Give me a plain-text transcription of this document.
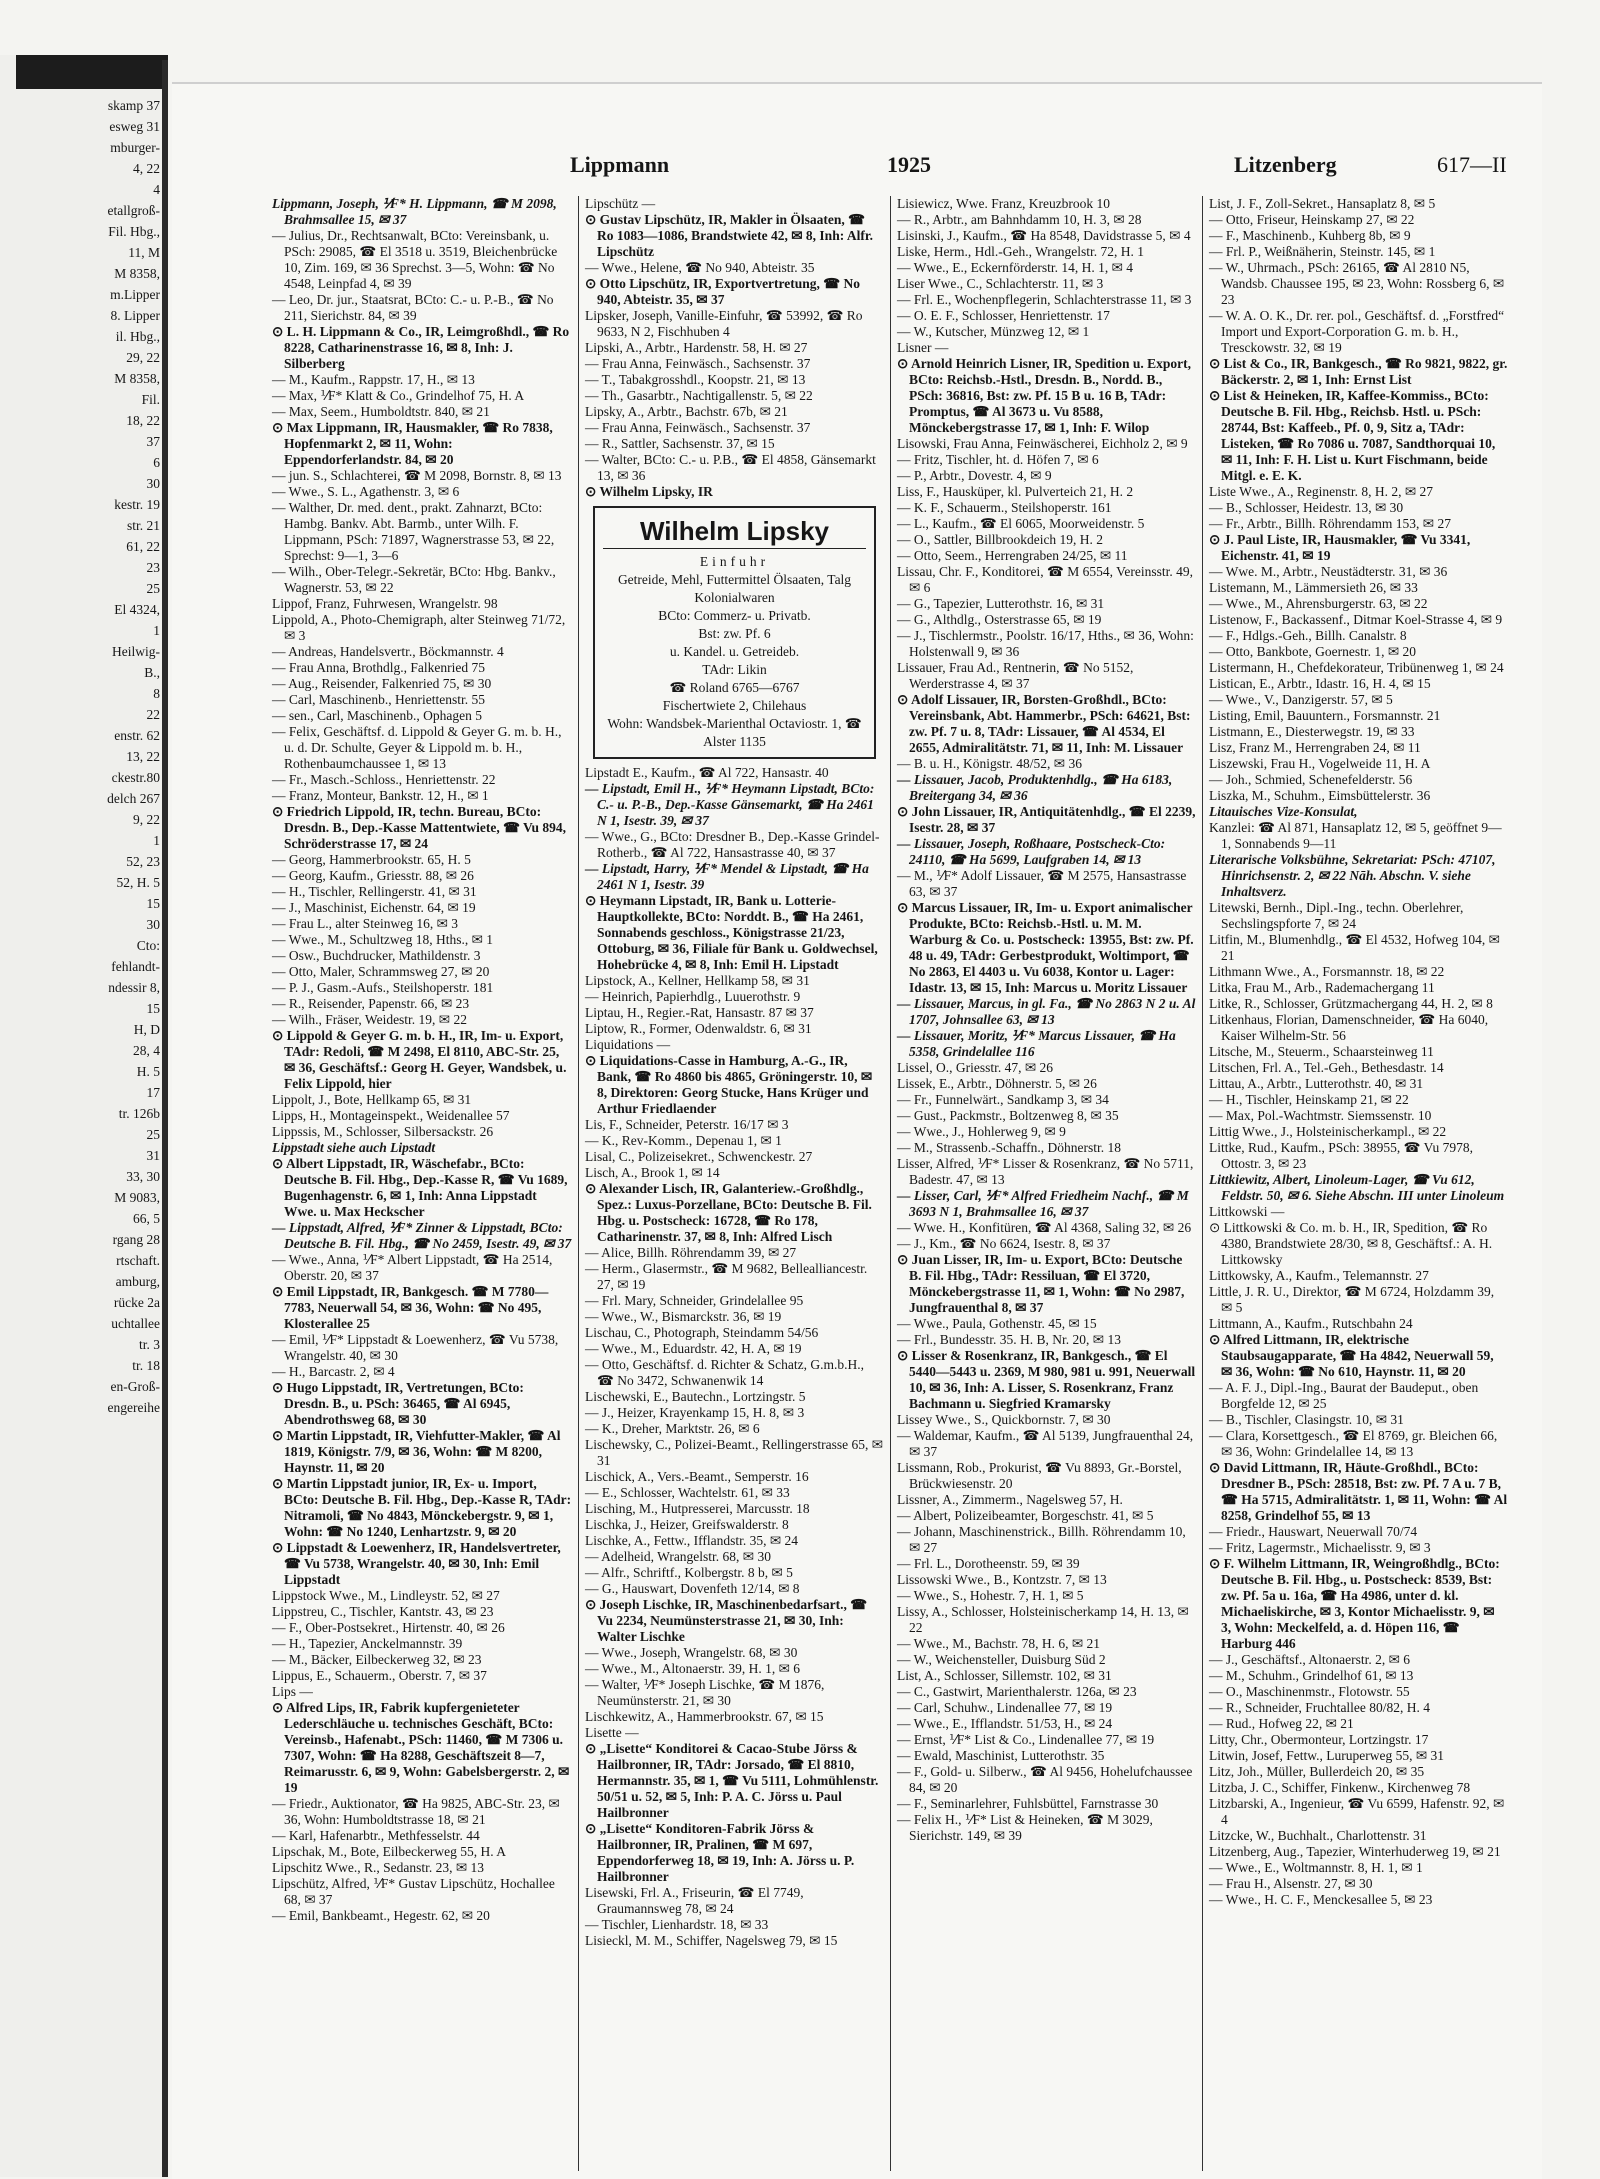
skamp 37
esweg 31
mburger-
4, 22
4
etallgroß-
Fil. Hbg.,
11, M
M 8358,
m.Lipper
8. Lipper
il. Hbg.,
29, 22
M 8358,
Fil.
18, 22
37
6
30
kestr. 19
str. 21
61, 22
23
25
El 4324,
1
Heilwig-
B.,
8
22
enstr. 62
13, 22
ckestr.80
delch 267
9, 22
1
52, 23
52, H. 5
15
30
Cto:
fehlandt-
ndessir 8,
15
H, D
28, 4
H. 5
17
tr. 126b
25
31
33, 30
M 9083,
66, 5
rgang 28
rtschaft.
amburg,
rücke 2a
uchtallee
tr. 3
tr. 18
en-Groß-
engereihe
Lippmann	1925	Litzenberg	617—II

Lippmann, Joseph, ⅟F* H. Lippmann, ☎ M 2098, Brahmsallee 15, ✉ 37

— Julius, Dr., Rechtsanwalt, BCto: Vereinsbank, u. PSch: 29085, ☎ El 3518 u. 3519, Bleichenbrücke 10, Zim. 169, ✉ 36 Sprechst. 3—5, Wohn: ☎ No 4548, Leinpfad 4, ✉ 39

— Leo, Dr. jur., Staatsrat, BCto: C.- u. P.-B., ☎ No 211, Sierichstr. 84, ✉ 39

⊙ L. H. Lippmann & Co., IR, Leimgroßhdl., ☎ Ro 8228, Catharinenstrasse 16, ✉ 8, Inh: J. Silberberg

— M., Kaufm., Rappstr. 17, H., ✉ 13

— Max, ⅟F* Klatt & Co., Grindelhof 75, H. A

— Max, Seem., Humboldtstr. 840, ✉ 21

⊙ Max Lippmann, IR, Hausmakler, ☎ Ro 7838, Hopfenmarkt 2, ✉ 11, Wohn: Eppendorferlandstr. 84, ✉ 20

— jun. S., Schlachterei, ☎ M 2098, Bornstr. 8, ✉ 13

— Wwe., S. L., Agathenstr. 3, ✉ 6

— Walther, Dr. med. dent., prakt. Zahnarzt, BCto: Hambg. Bankv. Abt. Barmb., unter Wilh. F. Lippmann, PSch: 71897, Wagnerstrasse 53, ✉ 22, Sprechst: 9—1, 3—6

— Wilh., Ober-Telegr.-Sekretär, BCto: Hbg. Bankv., Wagnerstr. 53, ✉ 22

Lippof, Franz, Fuhrwesen, Wrangelstr. 98

Lippold, A., Photo-Chemigraph, alter Steinweg 71/72, ✉ 3

— Andreas, Handelsvertr., Böckmannstr. 4

— Frau Anna, Brothdlg., Falkenried 75

— Aug., Reisender, Falkenried 75, ✉ 30

— Carl, Maschinenb., Henriettenstr. 55

— sen., Carl, Maschinenb., Ophagen 5

— Felix, Geschäftsf. d. Lippold & Geyer G. m. b. H., u. d. Dr. Schulte, Geyer & Lippold m. b. H., Rothenbaumchaussee 1, ✉ 13

— Fr., Masch.-Schloss., Henriettenstr. 22

— Franz, Monteur, Bankstr. 12, H., ✉ 1

⊙ Friedrich Lippold, IR, techn. Bureau, BCto: Dresdn. B., Dep.-Kasse Mattentwiete, ☎ Vu 894, Schröderstrasse 17, ✉ 24

— Georg, Hammerbrookstr. 65, H. 5

— Georg, Kaufm., Griesstr. 88, ✉ 26

— H., Tischler, Rellingerstr. 41, ✉ 31

— J., Maschinist, Eichenstr. 64, ✉ 19

— Frau L., alter Steinweg 16, ✉ 3

— Wwe., M., Schultzweg 18, Hths., ✉ 1

— Osw., Buchdrucker, Mathildenstr. 3

— Otto, Maler, Schrammsweg 27, ✉ 20

— P. J., Gasm.-Aufs., Steilshoperstr. 181

— R., Reisender, Papenstr. 66, ✉ 23

— Wilh., Fräser, Weidestr. 19, ✉ 22

⊙ Lippold & Geyer G. m. b. H., IR, Im- u. Export, TAdr: Redoli, ☎ M 2498, El 8110, ABC-Str. 25, ✉ 36, Geschäftsf.: Georg H. Geyer, Wandsbek, u. Felix Lippold, hier

Lippolt, J., Bote, Hellkamp 65, ✉ 31

Lipps, H., Montageinspekt., Weidenallee 57

Lippssis, M., Schlosser, Silbersackstr. 26

Lippstadt siehe auch Lipstadt

⊙ Albert Lippstadt, IR, Wäschefabr., BCto: Deutsche B. Fil. Hbg., Dep.-Kasse R, ☎ Vu 1689, Bugenhagenstr. 6, ✉ 1, Inh: Anna Lippstadt Wwe. u. Max Heckscher

— Lippstadt, Alfred, ⅟F* Zinner & Lippstadt, BCto: Deutsche B. Fil. Hbg., ☎ No 2459, Isestr. 49, ✉ 37

— Wwe., Anna, ⅟F* Albert Lippstadt, ☎ Ha 2514, Oberstr. 20, ✉ 37

⊙ Emil Lippstadt, IR, Bankgesch. ☎ M 7780—7783, Neuerwall 54, ✉ 36, Wohn: ☎ No 495, Klosterallee 25

— Emil, ⅟F* Lippstadt & Loewenherz, ☎ Vu 5738, Wrangelstr. 40, ✉ 30

— H., Barcastr. 2, ✉ 4

⊙ Hugo Lippstadt, IR, Vertretungen, BCto: Dresdn. B., u. PSch: 36465, ☎ Al 6945, Abendrothsweg 68, ✉ 30

⊙ Martin Lippstadt, IR, Viehfutter-Makler, ☎ Al 1819, Königstr. 7/9, ✉ 36, Wohn: ☎ M 8200, Haynstr. 11, ✉ 20

⊙ Martin Lippstadt junior, IR, Ex- u. Import, BCto: Deutsche B. Fil. Hbg., Dep.-Kasse R, TAdr: Nitramoli, ☎ No 4843, Mönckebergstr. 9, ✉ 1, Wohn: ☎ No 1240, Lenhartzstr. 9, ✉ 20

⊙ Lippstadt & Loewenherz, IR, Handelsvertreter, ☎ Vu 5738, Wrangelstr. 40, ✉ 30, Inh: Emil Lippstadt

Lippstock Wwe., M., Lindleystr. 52, ✉ 27

Lippstreu, C., Tischler, Kantstr. 43, ✉ 23

— F., Ober-Postsekret., Hirtenstr. 40, ✉ 26

— H., Tapezier, Anckelmannstr. 39

— M., Bäcker, Eilbeckerweg 32, ✉ 23

Lippus, E., Schauerm., Oberstr. 7, ✉ 37

Lips —

⊙ Alfred Lips, IR, Fabrik kupfergenieteter Lederschläuche u. technisches Geschäft, BCto: Vereinsb., Hafenabt., PSch: 11460, ☎ M 7306 u. 7307, Wohn: ☎ Ha 8288, Geschäftszeit 8—7, Reimarusstr. 6, ✉ 9, Wohn: Gabelsbergerstr. 2, ✉ 19

— Friedr., Auktionator, ☎ Ha 9825, ABC-Str. 23, ✉ 36, Wohn: Humboldtstrasse 18, ✉ 21

— Karl, Hafenarbtr., Methfesselstr. 44

Lipschak, M., Bote, Eilbeckerweg 55, H. A

Lipschitz Wwe., R., Sedanstr. 23, ✉ 13

Lipschütz, Alfred, ⅟F* Gustav Lipschütz, Hochallee 68, ✉ 37

— Emil, Bankbeamt., Hegestr. 62, ✉ 20

Lipschütz —

⊙ Gustav Lipschütz, IR, Makler in Ölsaaten, ☎ Ro 1083—1086, Brandstwiete 42, ✉ 8, Inh: Alfr. Lipschütz

— Wwe., Helene, ☎ No 940, Abteistr. 35

⊙ Otto Lipschütz, IR, Exportvertretung, ☎ No 940, Abteistr. 35, ✉ 37

Lipsker, Joseph, Vanille-Einfuhr, ☎ 53992, ☎ Ro 9633, N 2, Fischhuben 4

Lipski, A., Arbtr., Hardenstr. 58, H. ✉ 27

— Frau Anna, Feinwäsch., Sachsenstr. 37

— T., Tabakgrosshdl., Koopstr. 21, ✉ 13

— Th., Gasarbtr., Nachtigallenstr. 5, ✉ 22

Lipsky, A., Arbtr., Bachstr. 67b, ✉ 21

— Frau Anna, Feinwäsch., Sachsenstr. 37

— R., Sattler, Sachsenstr. 37, ✉ 15

— Walter, BCto: C.- u. P.B., ☎ El 4858, Gänsemarkt 13, ✉ 36

⊙ Wilhelm Lipsky, IR

Wilhelm Lipsky
Einfuhr
Getreide, Mehl, Futtermittel Ölsaaten, Talg Kolonialwaren
BCto: Commerz- u. Privatb.
Bst: zw. Pf. 6
u. Kandel. u. Getreideb.
TAdr: Likin
☎ Roland 6765—6767
Fischertwiete 2, Chilehaus
Wohn: Wandsbek-Marienthal Octaviostr. 1, ☎ Alster 1135

Lipstadt E., Kaufm., ☎ Al 722, Hansastr. 40

— Lipstadt, Emil H., ⅟F* Heymann Lipstadt, BCto: C.- u. P.-B., Dep.-Kasse Gänsemarkt, ☎ Ha 2461 N 1, Isestr. 39, ✉ 37

— Wwe., G., BCto: Dresdner B., Dep.-Kasse Grindel-Rotherb., ☎ Al 722, Hansastrasse 40, ✉ 37

— Lipstadt, Harry, ⅟F* Mendel & Lipstadt, ☎ Ha 2461 N 1, Isestr. 39

⊙ Heymann Lipstadt, IR, Bank u. Lotterie-Hauptkollekte, BCto: Norddt. B., ☎ Ha 2461, Sonnabends geschloss., Königstrasse 21/23, Ottoburg, ✉ 36, Filiale für Bank u. Goldwechsel, Hohebrücke 4, ✉ 8, Inh: Emil H. Lipstadt

Lipstock, A., Kellner, Hellkamp 58, ✉ 31

— Heinrich, Papierhdlg., Luuerothstr. 9

Liptau, H., Regier.-Rat, Hansastr. 87 ✉ 37

Liptow, R., Former, Odenwaldstr. 6, ✉ 31

Liquidations —

⊙ Liquidations-Casse in Hamburg, A.-G., IR, Bank, ☎ Ro 4860 bis 4865, Gröningerstr. 10, ✉ 8, Direktoren: Georg Stucke, Hans Krüger und Arthur Friedlaender

Lis, F., Schneider, Peterstr. 16/17 ✉ 3

— K., Rev-Komm., Depenau 1, ✉ 1

Lisal, C., Polizeisekret., Schwenckestr. 27

Lisch, A., Brook 1, ✉ 14

⊙ Alexander Lisch, IR, Galanteriew.-Großhdlg., Spez.: Luxus-Porzellane, BCto: Deutsche B. Fil. Hbg. u. Postscheck: 16728, ☎ Ro 178, Catharinenstr. 37, ✉ 8, Inh: Alfred Lisch

— Alice, Billh. Röhrendamm 39, ✉ 27

— Herm., Glasermstr., ☎ M 9682, Bellealliancestr. 27, ✉ 19

— Frl. Mary, Schneider, Grindelallee 95

— Wwe., W., Bismarckstr. 36, ✉ 19

Lischau, C., Photograph, Steindamm 54/56

— Wwe., M., Eduardstr. 42, H. A, ✉ 19

— Otto, Geschäftsf. d. Richter & Schatz, G.m.b.H., ☎ No 3472, Schwanenwik 14

Lischewski, E., Bautechn., Lortzingstr. 5

— J., Heizer, Krayenkamp 15, H. 8, ✉ 3

— K., Dreher, Marktstr. 26, ✉ 6

Lischewsky, C., Polizei-Beamt., Rellingerstrasse 65, ✉ 31

Lischick, A., Vers.-Beamt., Semperstr. 16

— E., Schlosser, Wachtelstr. 61, ✉ 33

Lisching, M., Hutpresserei, Marcusstr. 18

Lischka, J., Heizer, Greifswalderstr. 8

Lischke, A., Fettw., Ifflandstr. 35, ✉ 24

— Adelheid, Wrangelstr. 68, ✉ 30

— Alfr., Schriftf., Kolbergstr. 8 b, ✉ 5

— G., Hauswart, Dovenfeth 12/14, ✉ 8

⊙ Joseph Lischke, IR, Maschinenbedarfsart., ☎ Vu 2234, Neumünsterstrasse 21, ✉ 30, Inh: Walter Lischke

— Wwe., Joseph, Wrangelstr. 68, ✉ 30

— Wwe., M., Altonaerstr. 39, H. 1, ✉ 6

— Walter, ⅟F* Joseph Lischke, ☎ M 1876, Neumünsterstr. 21, ✉ 30

Lischkewitz, A., Hammerbrookstr. 67, ✉ 15

Lisette —

⊙ „Lisette“ Konditorei & Cacao-Stube Jörss & Hailbronner, IR, TAdr: Jorsado, ☎ El 8810, Hermannstr. 35, ✉ 1, ☎ Vu 5111, Lohmühlenstr. 50/51 u. 52, ✉ 5, Inh: P. A. C. Jörss u. Paul Hailbronner

⊙ „Lisette“ Konditoren-Fabrik Jörss & Hailbronner, IR, Pralinen, ☎ M 697, Eppendorferweg 18, ✉ 19, Inh: A. Jörss u. P. Hailbronner

Lisewski, Frl. A., Friseurin, ☎ El 7749, Graumannsweg 78, ✉ 24

— Tischler, Lienhardstr. 18, ✉ 33

Lisieckl, M. M., Schiffer, Nagelsweg 79, ✉ 15

Lisiewicz, Wwe. Franz, Kreuzbrook 10

— R., Arbtr., am Bahnhdamm 10, H. 3, ✉ 28

Lisinski, J., Kaufm., ☎ Ha 8548, Davidstrasse 5, ✉ 4

Liske, Herm., Hdl.-Geh., Wrangelstr. 72, H. 1

— Wwe., E., Eckernförderstr. 14, H. 1, ✉ 4

Liser Wwe., C., Schlachterstr. 11, ✉ 3

— Frl. E., Wochenpflegerin, Schlachterstrasse 11, ✉ 3

— O. E. F., Schlosser, Henriettenstr. 17

— W., Kutscher, Münzweg 12, ✉ 1

Lisner —

⊙ Arnold Heinrich Lisner, IR, Spedition u. Export, BCto: Reichsb.-Hstl., Dresdn. B., Nordd. B., PSch: 36816, Bst: zw. Pf. 15 B u. 16 B, TAdr: Promptus, ☎ Al 3673 u. Vu 8588, Mönckebergstrasse 17, ✉ 1, Inh: F. Wilop

Lisowski, Frau Anna, Feinwäscherei, Eichholz 2, ✉ 9

— Fritz, Tischler, ht. d. Höfen 7, ✉ 6

— P., Arbtr., Dovestr. 4, ✉ 9

Liss, F., Hausküper, kl. Pulverteich 21, H. 2

— K. F., Schauerm., Steilshoperstr. 161

— L., Kaufm., ☎ El 6065, Moorweidenstr. 5

— O., Sattler, Billbrookdeich 19, H. 2

— Otto, Seem., Herrengraben 24/25, ✉ 11

Lissau, Chr. F., Konditorei, ☎ M 6554, Vereinsstr. 49, ✉ 6

— G., Tapezier, Lutterothstr. 16, ✉ 31

— G., Althdlg., Osterstrasse 65, ✉ 19

— J., Tischlermstr., Poolstr. 16/17, Hths., ✉ 36, Wohn: Holstenwall 9, ✉ 36

Lissauer, Frau Ad., Rentnerin, ☎ No 5152, Werderstrasse 4, ✉ 37

⊙ Adolf Lissauer, IR, Borsten-Großhdl., BCto: Vereinsbank, Abt. Hammerbr., PSch: 64621, Bst: zw. Pf. 7 u. 8, TAdr: Lissauer, ☎ Al 4534, El 2655, Admiralitätstr. 71, ✉ 11, Inh: M. Lissauer

— B. u. H., Königstr. 48/52, ✉ 36

— Lissauer, Jacob, Produktenhdlg., ☎ Ha 6183, Breitergang 34, ✉ 36

⊙ John Lissauer, IR, Antiquitätenhdlg., ☎ El 2239, Isestr. 28, ✉ 37

— Lissauer, Joseph, Roßhaare, Postscheck-Cto: 24110, ☎ Ha 5699, Laufgraben 14, ✉ 13

— M., ⅟F* Adolf Lissauer, ☎ M 2575, Hansastrasse 63, ✉ 37

⊙ Marcus Lissauer, IR, Im- u. Export animalischer Produkte, BCto: Reichsb.-Hstl. u. M. M. Warburg & Co. u. Postscheck: 13955, Bst: zw. Pf. 48 u. 49, TAdr: Gerbestprodukt, Woltimport, ☎ No 2863, El 4403 u. Vu 6038, Kontor u. Lager: Idastr. 13, ✉ 15, Inh: Marcus u. Moritz Lissauer

— Lissauer, Marcus, in gl. Fa., ☎ No 2863 N 2 u. Al 1707, Johnsallee 63, ✉ 13

— Lissauer, Moritz, ⅟F* Marcus Lissauer, ☎ Ha 5358, Grindelallee 116

Lissel, O., Griesstr. 47, ✉ 26

Lissek, E., Arbtr., Döhnerstr. 5, ✉ 26

— Fr., Funnelwärt., Sandkamp 3, ✉ 34

— Gust., Packmstr., Boltzenweg 8, ✉ 35

— Wwe., J., Hohlerweg 9, ✉ 9

— M., Strassenb.-Schaffn., Döhnerstr. 18

Lisser, Alfred, ⅟F* Lisser & Rosenkranz, ☎ No 5711, Badestr. 47, ✉ 13

— Lisser, Carl, ⅟F* Alfred Friedheim Nachf., ☎ M 3693 N 1, Brahmsallee 16, ✉ 37

— Wwe. H., Konfitüren, ☎ Al 4368, Saling 32, ✉ 26

— J., Km., ☎ No 6624, Isestr. 8, ✉ 37

⊙ Juan Lisser, IR, Im- u. Export, BCto: Deutsche B. Fil. Hbg., TAdr: Ressiluan, ☎ El 3720, Mönckebergstrasse 11, ✉ 1, Wohn: ☎ No 2987, Jungfrauenthal 8, ✉ 37

— Wwe., Paula, Gothenstr. 45, ✉ 15

— Frl., Bundesstr. 35. H. B, Nr. 20, ✉ 13

⊙ Lisser & Rosenkranz, IR, Bankgesch., ☎ El 5440—5443 u. 2369, M 980, 981 u. 991, Neuerwall 10, ✉ 36, Inh: A. Lisser, S. Rosenkranz, Franz Bachmann u. Siegfried Kramarsky

Lissey Wwe., S., Quickbornstr. 7, ✉ 30

— Waldemar, Kaufm., ☎ Al 5139, Jungfrauenthal 24, ✉ 37

Lissmann, Rob., Prokurist, ☎ Vu 8893, Gr.-Borstel, Brückwiesenstr. 20

Lissner, A., Zimmerm., Nagelsweg 57, H.

— Albert, Polizeibeamter, Borgeschstr. 41, ✉ 5

— Johann, Maschinenstrick., Billh. Röhrendamm 10, ✉ 27

— Frl. L., Dorotheenstr. 59, ✉ 39

Lissowski Wwe., B., Kontzstr. 7, ✉ 13

— Wwe., S., Hohestr. 7, H. 1, ✉ 5

Lissy, A., Schlosser, Holsteinischerkamp 14, H. 13, ✉ 22

— Wwe., M., Bachstr. 78, H. 6, ✉ 21

— W., Weichensteller, Duisburg Süd 2

List, A., Schlosser, Sillemstr. 102, ✉ 31

— C., Gastwirt, Marienthalerstr. 126a, ✉ 23

— Carl, Schuhw., Lindenallee 77, ✉ 19

— Wwe., E., Ifflandstr. 51/53, H., ✉ 24

— Ernst, ⅟F* List & Co., Lindenallee 77, ✉ 19

— Ewald, Maschinist, Lutterothstr. 35

— F., Gold- u. Silberw., ☎ Al 9456, Hohelufchaussee 84, ✉ 20

— F., Seminarlehrer, Fuhlsbüttel, Farnstrasse 30

— Felix H., ⅟F* List & Heineken, ☎ M 3029, Sierichstr. 149, ✉ 39

List, J. F., Zoll-Sekret., Hansaplatz 8, ✉ 5

— Otto, Friseur, Heinskamp 27, ✉ 22

— F., Maschinenb., Kuhberg 8b, ✉ 9

— Frl. P., Weißnäherin, Steinstr. 145, ✉ 1

— W., Uhrmach., PSch: 26165, ☎ Al 2810 N5, Wandsb. Chaussee 195, ✉ 23, Wohn: Rossberg 6, ✉ 23

— W. A. O. K., Dr. rer. pol., Geschäftsf. d. „Forstfred“ Import und Export-Corporation G. m. b. H., Tresckowstr. 32, ✉ 19

⊙ List & Co., IR, Bankgesch., ☎ Ro 9821, 9822, gr. Bäckerstr. 2, ✉ 1, Inh: Ernst List

⊙ List & Heineken, IR, Kaffee-Kommiss., BCto: Deutsche B. Fil. Hbg., Reichsb. Hstl. u. PSch: 28744, Bst: Kaffeeb., Pf. 0, 9, Sitz a, TAdr: Listeken, ☎ Ro 7086 u. 7087, Sandthorquai 10, ✉ 11, Inh: F. H. List u. Kurt Fischmann, beide Mitgl. e. E. K.

Liste Wwe., A., Reginenstr. 8, H. 2, ✉ 27

— B., Schlosser, Heidestr. 13, ✉ 30

— Fr., Arbtr., Billh. Röhrendamm 153, ✉ 27

⊙ J. Paul Liste, IR, Hausmakler, ☎ Vu 3341, Eichenstr. 41, ✉ 19

— Wwe. M., Arbtr., Neustädterstr. 31, ✉ 36

Listemann, M., Lämmersieth 26, ✉ 33

— Wwe., M., Ahrensburgerstr. 63, ✉ 22

Listenow, F., Backassenf., Ditmar Koel-Strasse 4, ✉ 9

— F., Hdlgs.-Geh., Billh. Canalstr. 8

— Otto, Bankbote, Goernestr. 1, ✉ 20

Listermann, H., Chefdekorateur, Tribünenweg 1, ✉ 24

Listican, E., Arbtr., Idastr. 16, H. 4, ✉ 15

— Wwe., V., Danzigerstr. 57, ✉ 5

Listing, Emil, Bauuntern., Forsmannstr. 21

Listmann, E., Diesterwegstr. 19, ✉ 33

Lisz, Franz M., Herrengraben 24, ✉ 11

Liszewski, Frau H., Vogelweide 11, H. A

— Joh., Schmied, Schenefelderstr. 56

Liszka, M., Schuhm., Eimsbüttelerstr. 36

Litauisches Vize-Konsulat,

Kanzlei: ☎ Al 871, Hansaplatz 12, ✉ 5, geöffnet 9—1, Sonnabends 9—11

Literarische Volksbühne, Sekretariat: PSch: 47107, Hinrichsenstr. 2, ✉ 22 Nāh. Abschn. V. siehe Inhaltsverz.

Litewski, Bernh., Dipl.-Ing., techn. Oberlehrer, Sechslingspforte 7, ✉ 24

Litfin, M., Blumenhdlg., ☎ El 4532, Hofweg 104, ✉ 21

Lithmann Wwe., A., Forsmannstr. 18, ✉ 22

Litka, Frau M., Arb., Rademachergang 11

Litke, R., Schlosser, Grützmachergang 44, H. 2, ✉ 8

Litkenhaus, Florian, Damenschneider, ☎ Ha 6040, Kaiser Wilhelm-Str. 56

Litsche, M., Steuerm., Schaarsteinweg 11

Litschen, Frl. A., Tel.-Geh., Bethesdastr. 14

Littau, A., Arbtr., Lutterothstr. 40, ✉ 31

— H., Tischler, Heinskamp 21, ✉ 22

— Max, Pol.-Wachtmstr. Siemssenstr. 10

Littig Wwe., J., Holsteinischerkampl., ✉ 22

Littke, Rud., Kaufm., PSch: 38955, ☎ Vu 7978, Ottostr. 3, ✉ 23

Littkiewitz, Albert, Linoleum-Lager, ☎ Vu 612, Feldstr. 50, ✉ 6. Siehe Abschn. III unter Linoleum

Littkowski —

⊙ Littkowski & Co. m. b. H., IR, Spedition, ☎ Ro 4380, Brandstwiete 28/30, ✉ 8, Geschäftsf.: A. H. Littkowsky

Littkowsky, A., Kaufm., Telemannstr. 27

Little, J. R. U., Direktor, ☎ M 6724, Holzdamm 39, ✉ 5

Littmann, A., Kaufm., Rutschbahn 24

⊙ Alfred Littmann, IR, elektrische Staubsaugapparate, ☎ Ha 4842, Neuerwall 59, ✉ 36, Wohn: ☎ No 610, Haynstr. 11, ✉ 20

— A. F. J., Dipl.-Ing., Baurat der Baudeput., oben Borgfelde 12, ✉ 25

— B., Tischler, Clasingstr. 10, ✉ 31

— Clara, Korsettgesch., ☎ El 8769, gr. Bleichen 66, ✉ 36, Wohn: Grindelallee 14, ✉ 13

⊙ David Littmann, IR, Häute-Großhdl., BCto: Dresdner B., PSch: 28518, Bst: zw. Pf. 7 A u. 7 B, ☎ Ha 5715, Admiralitätstr. 1, ✉ 11, Wohn: ☎ Al 8258, Grindelhof 55, ✉ 13

— Friedr., Hauswart, Neuerwall 70/74

— Fritz, Lagermstr., Michaelisstr. 9, ✉ 3

⊙ F. Wilhelm Littmann, IR, Weingroßhdlg., BCto: Deutsche B. Fil. Hbg., u. Postscheck: 8539, Bst: zw. Pf. 5a u. 16a, ☎ Ha 4986, unter d. kl. Michaeliskirche, ✉ 3, Kontor Michaelisstr. 9, ✉ 3, Wohn: Meckelfeld, a. d. Höpen 116, ☎ Harburg 446

— J., Geschäftsf., Altonaerstr. 2, ✉ 6

— M., Schuhm., Grindelhof 61, ✉ 13

— O., Maschinenmstr., Flotowstr. 55

— R., Schneider, Fruchtallee 80/82, H. 4

— Rud., Hofweg 22, ✉ 21

Litty, Chr., Obermonteur, Lortzingstr. 17

Litwin, Josef, Fettw., Luruperweg 55, ✉ 31

Litz, Joh., Müller, Bullerdeich 20, ✉ 35

Litzba, J. C., Schiffer, Finkenw., Kirchenweg 78

Litzbarski, A., Ingenieur, ☎ Vu 6599, Hafenstr. 92, ✉ 4

Litzcke, W., Buchhalt., Charlottenstr. 31

Litzenberg, Aug., Tapezier, Winterhuderweg 19, ✉ 21

— Wwe., E., Woltmannstr. 8, H. 1, ✉ 1

— Frau H., Alsenstr. 27, ✉ 30

— Wwe., H. C. F., Menckesallee 5, ✉ 23
